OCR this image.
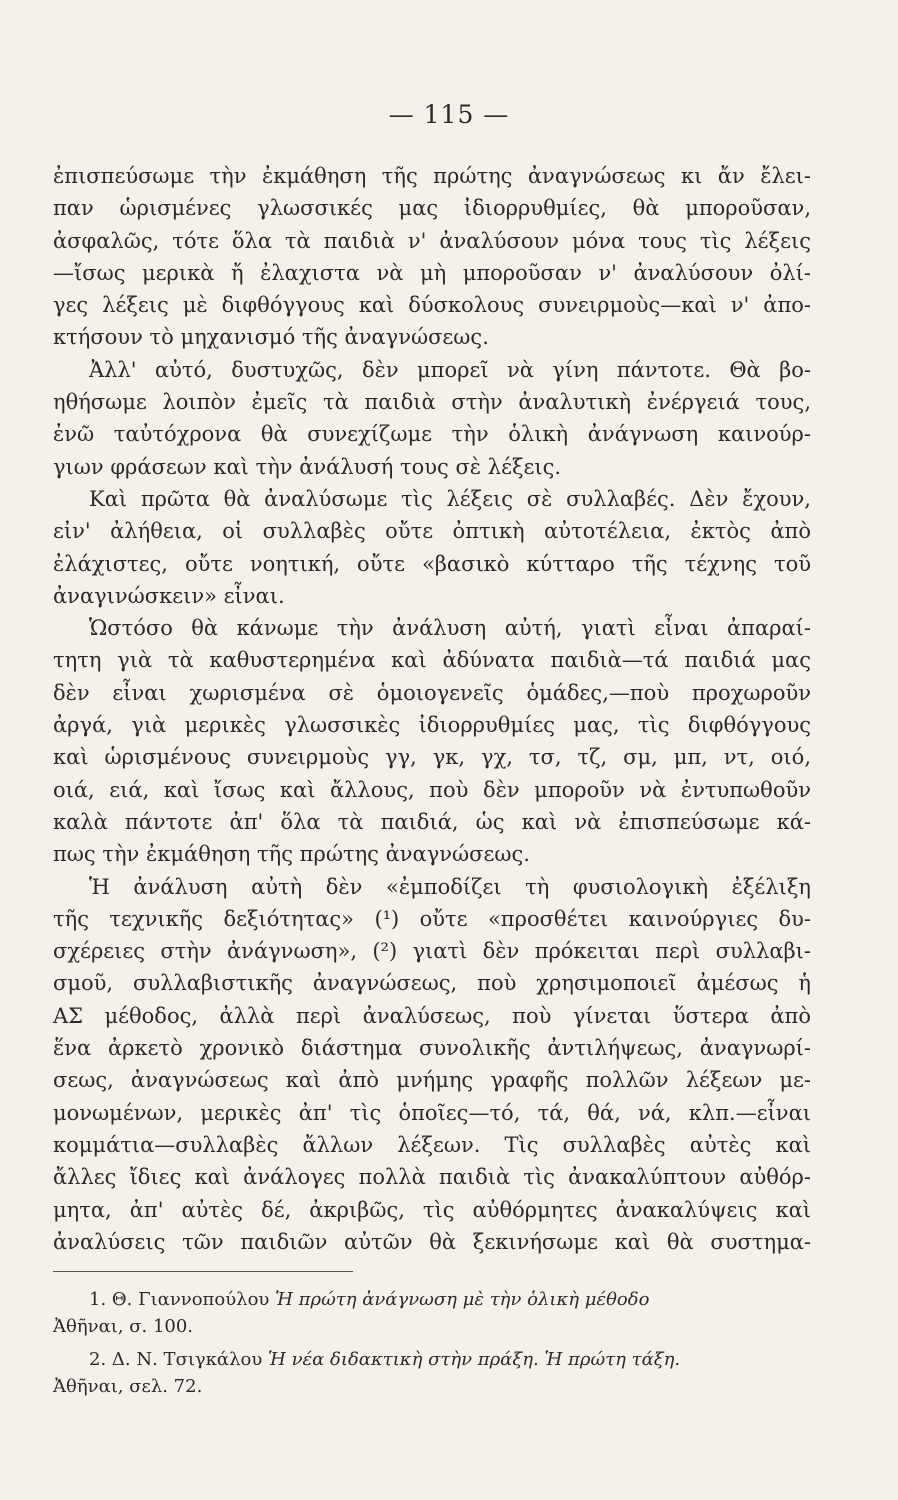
— 115 —
ἐπισπεύσωμε τὴν ἐκμάθηση τῆς πρώτης ἀναγνώσεως κι ἄν ἔλει-
παν ὡρισμένες γλωσσικές μας ἰδιορρυθμίες, θὰ μποροῦσαν,
ἀσφαλῶς, τότε ὅλα τὰ παιδιὰ ν' ἀναλύσουν μόνα τους τὶς λέξεις
—ἴσως μερικὰ ἤ ἐλαχιστα νὰ μὴ μποροῦσαν ν' ἀναλύσουν ὀλί-
γες λέξεις μὲ διφθόγγους καὶ δύσκολους συνειρμοὺς—καὶ ν' ἀπο-
κτήσουν τὸ μηχανισμό τῆς ἀναγνώσεως.
Ἀλλ' αὐτό, δυστυχῶς, δὲν μπορεῖ νὰ γίνη πάντοτε. Θὰ βο-
ηθήσωμε λοιπὸν ἐμεῖς τὰ παιδιὰ στὴν ἀναλυτικὴ ἐνέργειά τους,
ἐνῶ ταὐτόχρονα θὰ συνεχίζωμε τὴν ὁλικὴ ἀνάγνωση καινούρ-
γιων φράσεων καὶ τὴν ἀνάλυσή τους σὲ λέξεις.
Καὶ πρῶτα θὰ ἀναλύσωμε τὶς λέξεις σὲ συλλαβές. Δὲν ἔχουν,
εἰν' ἀλήθεια, οἱ συλλαβὲς οὔτε ὀπτικὴ αὐτοτέλεια, ἐκτὸς ἀπὸ
ἐλάχιστες, οὔτε νοητική, οὔτε «βασικὸ κύτταρο τῆς τέχνης τοῦ
ἀναγινώσκειν» εἶναι.
Ὡστόσο θὰ κάνωμε τὴν ἀνάλυση αὐτή, γιατὶ εἶναι ἀπαραί-
τητη γιὰ τὰ καθυστερημένα καὶ ἀδύνατα παιδιὰ—τά παιδιά μας
δὲν εἶναι χωρισμένα σὲ ὁμοιογενεῖς ὁμάδες,—ποὺ προχωροῦν
ἀργά, γιὰ μερικὲς γλωσσικὲς ἰδιορρυθμίες μας, τὶς διφθόγγους
καὶ ὡρισμένους συνειρμοὺς γγ, γκ, γχ, τσ, τζ, σμ, μπ, ντ, οιό,
οιά, ειά, καὶ ἴσως καὶ ἄλλους, ποὺ δὲν μποροῦν νὰ ἐντυπωθοῦν
καλὰ πάντοτε ἀπ' ὅλα τὰ παιδιά, ὡς καὶ νὰ ἐπισπεύσωμε κά-
πως τὴν ἐκμάθηση τῆς πρώτης ἀναγνώσεως.
Ἡ ἀνάλυση αὐτὴ δὲν «ἐμποδίζει τὴ φυσιολογικὴ ἐξέλιξη
τῆς τεχνικῆς δεξιότητας» (¹) οὔτε «προσθέτει καινούργιες δυ-
σχέρειες στὴν ἀνάγνωση», (²) γιατὶ δὲν πρόκειται περὶ συλλαβι-
σμοῦ, συλλαβιστικῆς ἀναγνώσεως, ποὺ χρησιμοποιεῖ ἀμέσως ἡ
ΑΣ μέθοδος, ἀλλὰ περὶ ἀναλύσεως, ποὺ γίνεται ὕστερα ἀπὸ
ἕνα ἀρκετὸ χρονικὸ διάστημα συνολικῆς ἀντιλήψεως, ἀναγνωρί-
σεως, ἀναγνώσεως καὶ ἀπὸ μνήμης γραφῆς πολλῶν λέξεων με-
μονωμένων, μερικὲς ἀπ' τὶς ὁποῖες—τό, τά, θά, νά, κλπ.—εἶναι
κομμάτια—συλλαβὲς ἄλλων λέξεων. Τὶς συλλαβὲς αὐτὲς καὶ
ἄλλες ἴδιες καὶ ἀνάλογες πολλὰ παιδιὰ τὶς ἀνακαλύπτουν αὐθόρ-
μητα, ἀπ' αὐτὲς δέ, ἀκριβῶς, τὶς αὐθόρμητες ἀνακαλύψεις καὶ
ἀναλύσεις τῶν παιδιῶν αὐτῶν θὰ ξεκινήσωμε καὶ θὰ συστημα-
1. Θ. Γιαννοπούλου Ἡ πρώτη ἀνάγνωση μὲ τὴν ὁλικὴ μέθοδο
Ἀθῆναι, σ. 100.
2. Δ. Ν. Τσιγκάλου Ἡ νέα διδακτικὴ στὴν πράξη. Ἡ πρώτη τάξη.
Ἀθῆναι, σελ. 72.
